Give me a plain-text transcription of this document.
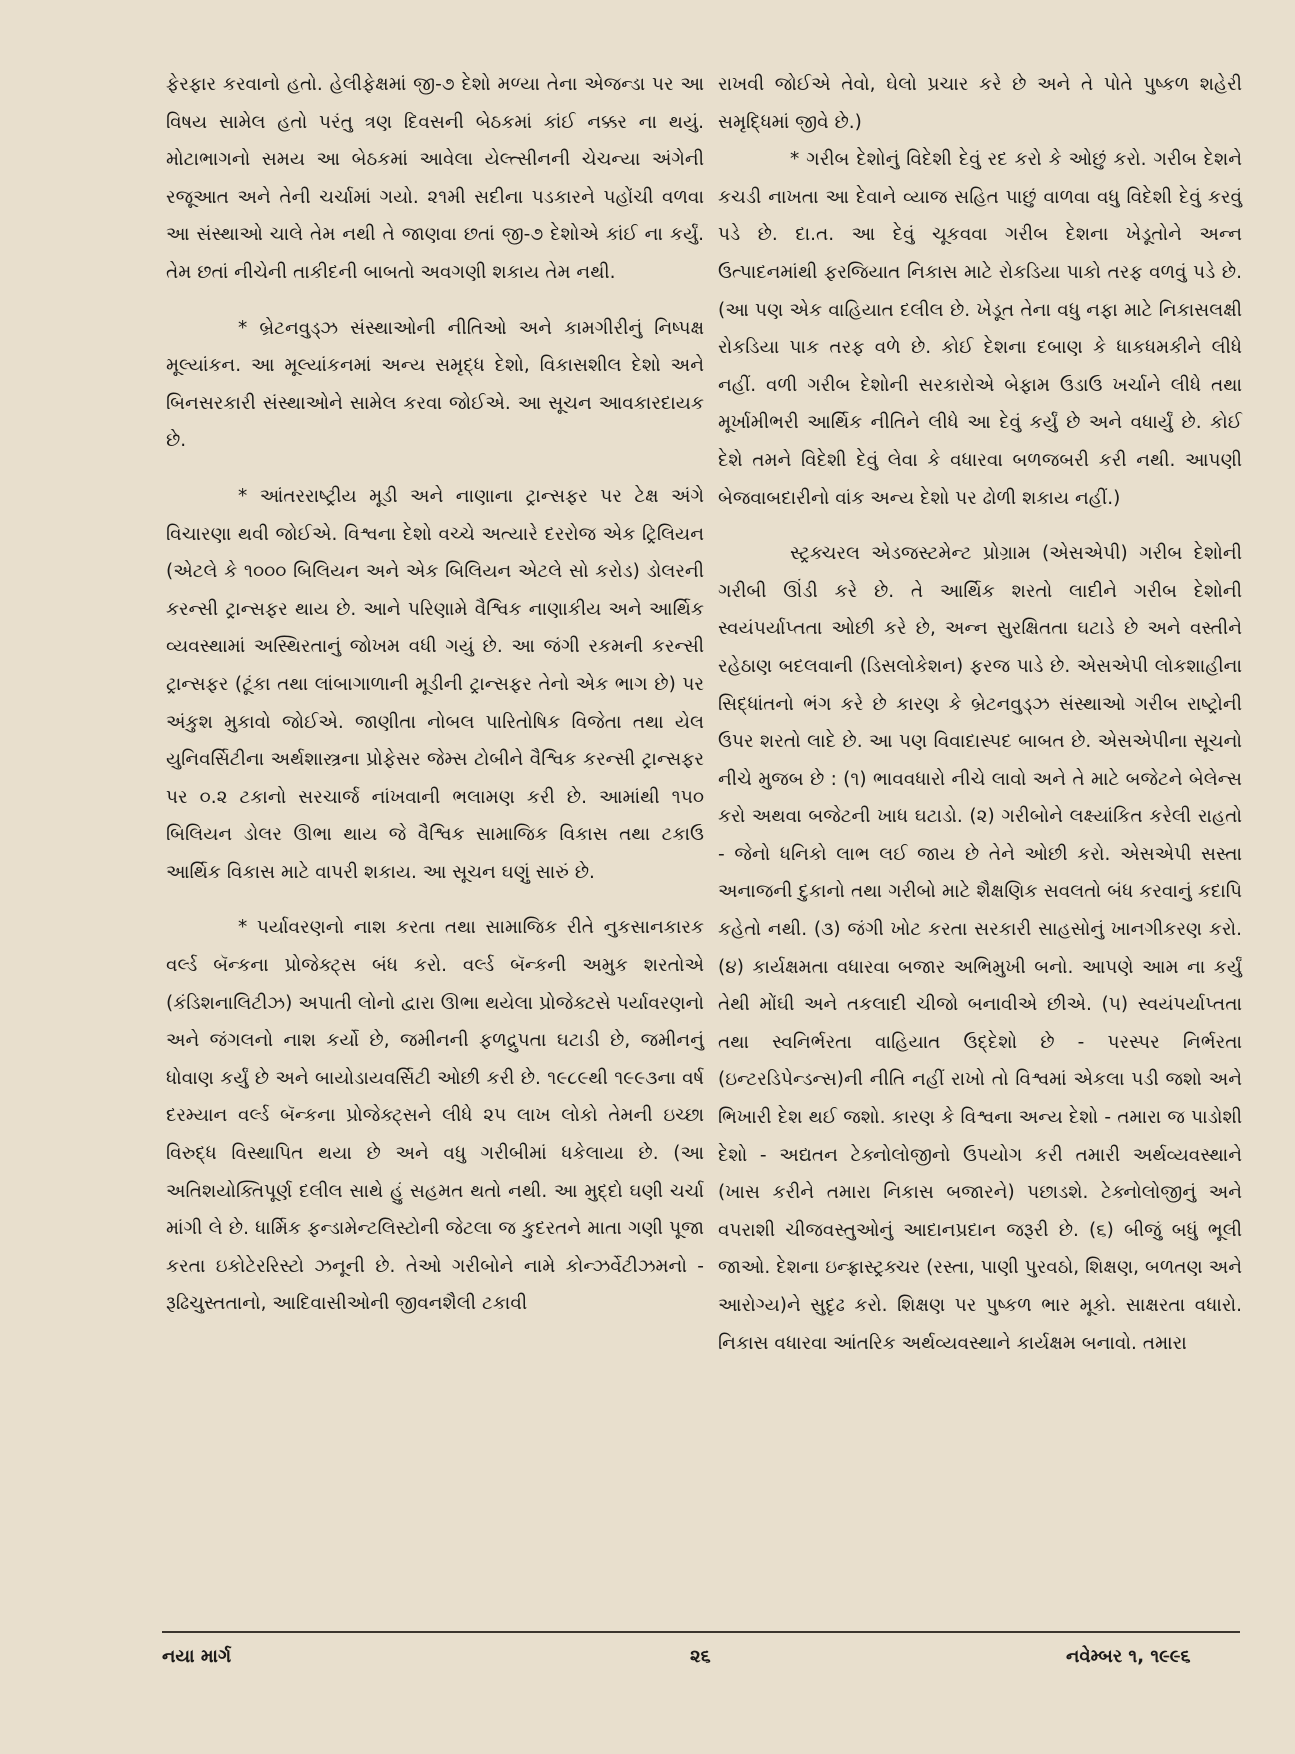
ફેરફાર કરવાનો હતો. હેલીફેક્ષમાં જી-૭ દેશો મળ્યા તેના એજન્ડા પર આ વિષય સામેલ હતો પરંતુ ત્રણ દિવસની બેઠકમાં કાંઈ નક્કર ના થયું. મોટાભાગનો સમય આ બેઠકમાં આવેલા યેલ્ત્સીનની ચેચન્યા અંગેની રજૂઆત અને તેની ચર્ચામાં ગયો. ૨૧મી સદીના પડકારને પહોંચી વળવા આ સંસ્થાઓ ચાલે તેમ નથી તે જાણવા છતાં જી-૭ દેશોએ કાંઈ ના કર્યું. તેમ છતાં નીચેની તાકીદની બાબતો અવગણી શકાય તેમ નથી.

* બ્રેટનવુડ્ઝ સંસ્થાઓની નીતિઓ અને કામગીરીનું નિષ્પક્ષ મૂલ્યાંકન. આ મૂલ્યાંકનમાં અન્ય સમૃદ્ધ દેશો, વિકાસશીલ દેશો અને બિનસરકારી સંસ્થાઓને સામેલ કરવા જોઈએ. આ સૂચન આવકારદાયક છે.

* આંતરરાષ્ટ્રીય મૂડી અને નાણાના ટ્રાન્સફર પર ટેક્ષ અંગે વિચારણા થવી જોઈએ. વિશ્વના દેશો વચ્ચે અત્યારે દરરોજ એક ટ્રિલિયન (એટલે કે ૧૦૦૦ બિલિયન અને એક બિલિયન એટલે સો કરોડ) ડોલરની કરન્સી ટ્રાન્સફર થાય છે. આને પરિણામે વૈશ્વિક નાણાકીય અને આર્થિક વ્યવસ્થામાં અસ્થિરતાનું જોખમ વધી ગયું છે. આ જંગી રકમની કરન્સી ટ્રાન્સફર (ટૂંકા તથા લાંબાગાળાની મૂડીની ટ્રાન્સફર તેનો એક ભાગ છે) પર અંકુશ મુકાવો જોઈએ. જાણીતા નોબલ પારિતોષિક વિજેતા તથા યેલ યુનિવર્સિટીના અર્થશાસ્ત્રના પ્રોફેસર જેમ્સ ટોબીને વૈશ્વિક કરન્સી ટ્રાન્સફર પર ૦.૨ ટકાનો સરચાર્જ નાંખવાની ભલામણ કરી છે. આમાંથી ૧૫૦ બિલિયન ડોલર ઊભા થાય જે વૈશ્વિક સામાજિક વિકાસ તથા ટકાઉ આર્થિક વિકાસ માટે વાપરી શકાય. આ સૂચન ઘણું સારું છે.

* પર્યાવરણનો નાશ કરતા તથા સામાજિક રીતે નુકસાનકારક વર્લ્ડ બૅન્કના પ્રોજેક્ટ્સ બંધ કરો. વર્લ્ડ બૅન્કની અમુક શરતોએ (કંડિશનાલિટીઝ) અપાતી લોનો દ્વારા ઊભા થયેલા પ્રોજેક્ટસે પર્યાવરણનો અને જંગલનો નાશ કર્યો છે, જમીનની ફળદ્રુપતા ઘટાડી છે, જમીનનું ધોવાણ કર્યું છે અને બાયોડાયવર્સિટી ઓછી કરી છે. ૧૯૮૯થી ૧૯૯૩ના વર્ષ દરમ્યાન વર્લ્ડ બૅન્કના પ્રોજેક્ટ્સને લીધે ૨૫ લાખ લોકો તેમની ઇચ્છા વિરુદ્ધ વિસ્થાપિત થયા છે અને વધુ ગરીબીમાં ધકેલાયા છે. (આ અતિશયોક્તિપૂર્ણ દલીલ સાથે હું સહમત થતો નથી. આ મુદ્દો ઘણી ચર્ચા માંગી લે છે. ધાર્મિક ફન્ડામેન્ટલિસ્ટોની જેટલા જ કુદરતને માતા ગણી પૂજા કરતા ઇકોટેરરિસ્ટો ઝનૂની છે. તેઓ ગરીબોને નામે કોન્ઝર્વેટીઝમનો - રૂઢિચુસ્તતાનો, આદિવાસીઓની જીવનશૈલી ટકાવી

રાખવી જોઈએ તેવો, ઘેલો પ્રચાર કરે છે અને તે પોતે પુષ્કળ શહેરી સમૃદ્ધિમાં જીવે છે.)

* ગરીબ દેશોનું વિદેશી દેવું રદ કરો કે ઓછું કરો. ગરીબ દેશને કચડી નાખતા આ દેવાને વ્યાજ સહિત પાછું વાળવા વધુ વિદેશી દેવું કરવું પડે છે. દા.ત. આ દેવું ચૂકવવા ગરીબ દેશના ખેડૂતોને અન્ન ઉત્પાદનમાંથી ફરજિયાત નિકાસ માટે રોકડિયા પાકો તરફ વળવું પડે છે. (આ પણ એક વાહિયાત દલીલ છે. ખેડૂત તેના વધુ નફા માટે નિકાસલક્ષી રોકડિયા પાક તરફ વળે છે. કોઈ દેશના દબાણ કે ધાકધમકીને લીધે નહીં. વળી ગરીબ દેશોની સરકારોએ બેફામ ઉડાઉ ખર્ચાને લીધે તથા મૂર્ખામીભરી આર્થિક નીતિને લીધે આ દેવું કર્યું છે અને વધાર્યું છે. કોઈ દેશે તમને વિદેશી દેવું લેવા કે વધારવા બળજબરી કરી નથી. આપણી બેજવાબદારીનો વાંક અન્ય દેશો પર ઢોળી શકાય નહીં.)

સ્ટ્રક્ચરલ એડજસ્ટમેન્ટ પ્રોગ્રામ (એસએપી) ગરીબ દેશોની ગરીબી ઊંડી કરે છે. તે આર્થિક શરતો લાદીને ગરીબ દેશોની સ્વયંપર્યાપ્તતા ઓછી કરે છે, અન્ન સુરક્ષિતતા ઘટાડે છે અને વસ્તીને રહેઠાણ બદલવાની (ડિસલોકેશન) ફરજ પાડે છે. એસએપી લોકશાહીના સિદ્ધાંતનો ભંગ કરે છે કારણ કે બ્રેટનવુડ્ઝ સંસ્થાઓ ગરીબ રાષ્ટ્રોની ઉપર શરતો લાદે છે. આ પણ વિવાદાસ્પદ બાબત છે. એસએપીના સૂચનો નીચે મુજબ છે : (૧) ભાવવધારો નીચે લાવો અને તે માટે બજેટને બેલેન્સ કરો અથવા બજેટની ખાધ ઘટાડો. (૨) ગરીબોને લક્ષ્યાંકિત કરેલી રાહતો - જેનો ધનિકો લાભ લઈ જાય છે તેને ઓછી કરો. એસએપી સસ્તા અનાજની દુકાનો તથા ગરીબો માટે શૈક્ષણિક સવલતો બંધ કરવાનું કદાપિ કહેતો નથી. (૩) જંગી ખોટ કરતા સરકારી સાહસોનું ખાનગીકરણ કરો. (૪) કાર્યક્ષમતા વધારવા બજાર અભિમુખી બનો. આપણે આમ ના કર્યું તેથી મોંઘી અને તકલાદી ચીજો બનાવીએ છીએ. (૫) સ્વયંપર્યાપ્તતા તથા સ્વનિર્ભરતા વાહિયાત ઉદ્દેશો છે - પરસ્પર નિર્ભરતા (ઇન્ટરડિપેન્ડન્સ)ની નીતિ નહીં રાખો તો વિશ્વમાં એકલા પડી જશો અને ભિખારી દેશ થઈ જશો. કારણ કે વિશ્વના અન્ય દેશો - તમારા જ પાડોશી દેશો - અદ્યતન ટેક્નોલોજીનો ઉપયોગ કરી તમારી અર્થવ્યવસ્થાને (ખાસ કરીને તમારા નિકાસ બજારને) પછાડશે. ટેક્નોલોજીનું અને વપરાશી ચીજવસ્તુઓનું આદાનપ્રદાન જરૂરી છે. (૬) બીજું બધું ભૂલી જાઓ. દેશના ઇન્ફ્રાસ્ટ્રક્ચર (રસ્તા, પાણી પુરવઠો, શિક્ષણ, બળતણ અને આરોગ્ય)ને સુદૃઢ કરો. શિક્ષણ પર પુષ્કળ ભાર મૂકો. સાક્ષરતા વધારો. નિકાસ વધારવા આંતરિક અર્થવ્યવસ્થાને કાર્યક્ષમ બનાવો. તમારા

નયા માર્ગ	૨૬	નવેમ્બર ૧, ૧૯૯૬
